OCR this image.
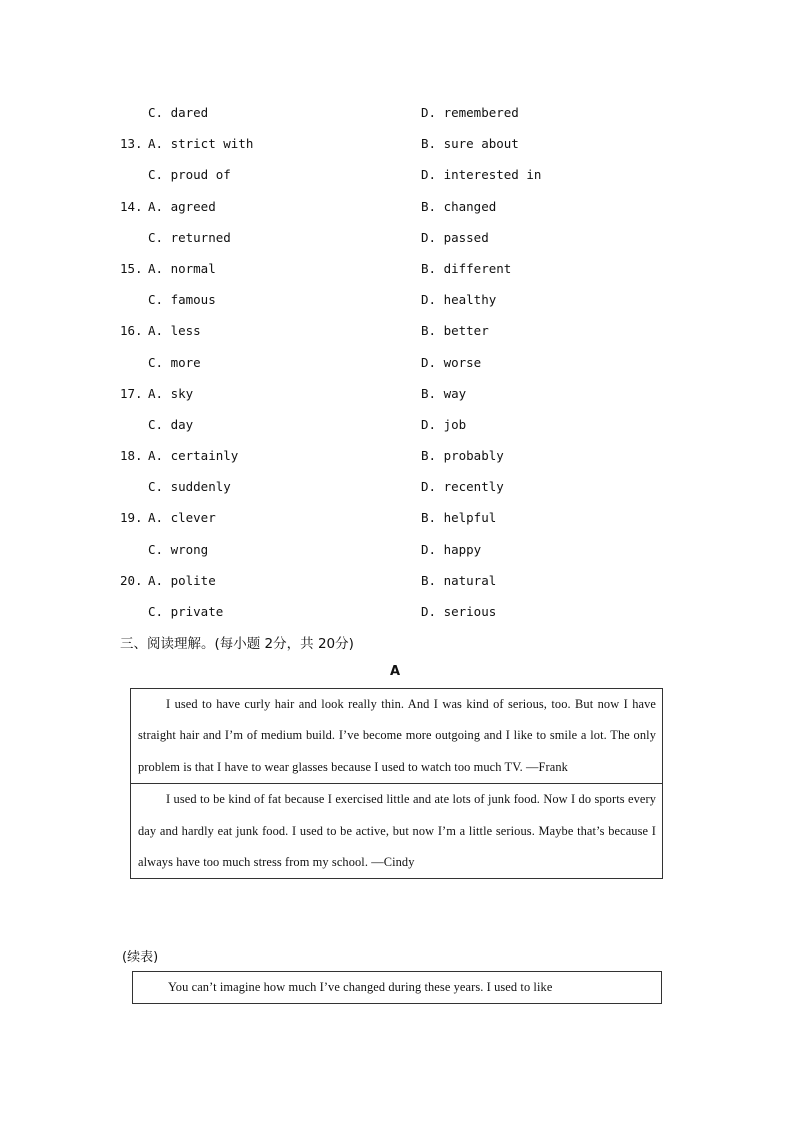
C. dared	D. remembered
13. A. strict with	B. sure about
C. proud of	D. interested in
14. A. agreed	B. changed
C. returned	D. passed
15. A. normal	B. different
C. famous	D. healthy
16. A. less	B. better
C. more	D. worse
17. A. sky	B. way
C. day	D. job
18. A. certainly	B. probably
C. suddenly	D. recently
19. A. clever	B. helpful
C. wrong	D. happy
20. A. polite	B. natural
C. private	D. serious
三、阅读理解。(每小题 2分，共 20分)
A
I used to have curly hair and look really thin. And I was kind of serious, too. But now I have straight hair and I’m of medium build. I’ve become more outgoing and I like to smile a lot. The only problem is that I have to wear glasses because I used to watch too much TV. —Frank
I used to be kind of fat because I exercised little and ate lots of junk food. Now I do sports every day and hardly eat junk food. I used to be active, but now I’m a little serious. Maybe that’s because I always have too much stress from my school. —Cindy
(续表)
You can’t imagine how much I’ve changed during these years. I used to like
